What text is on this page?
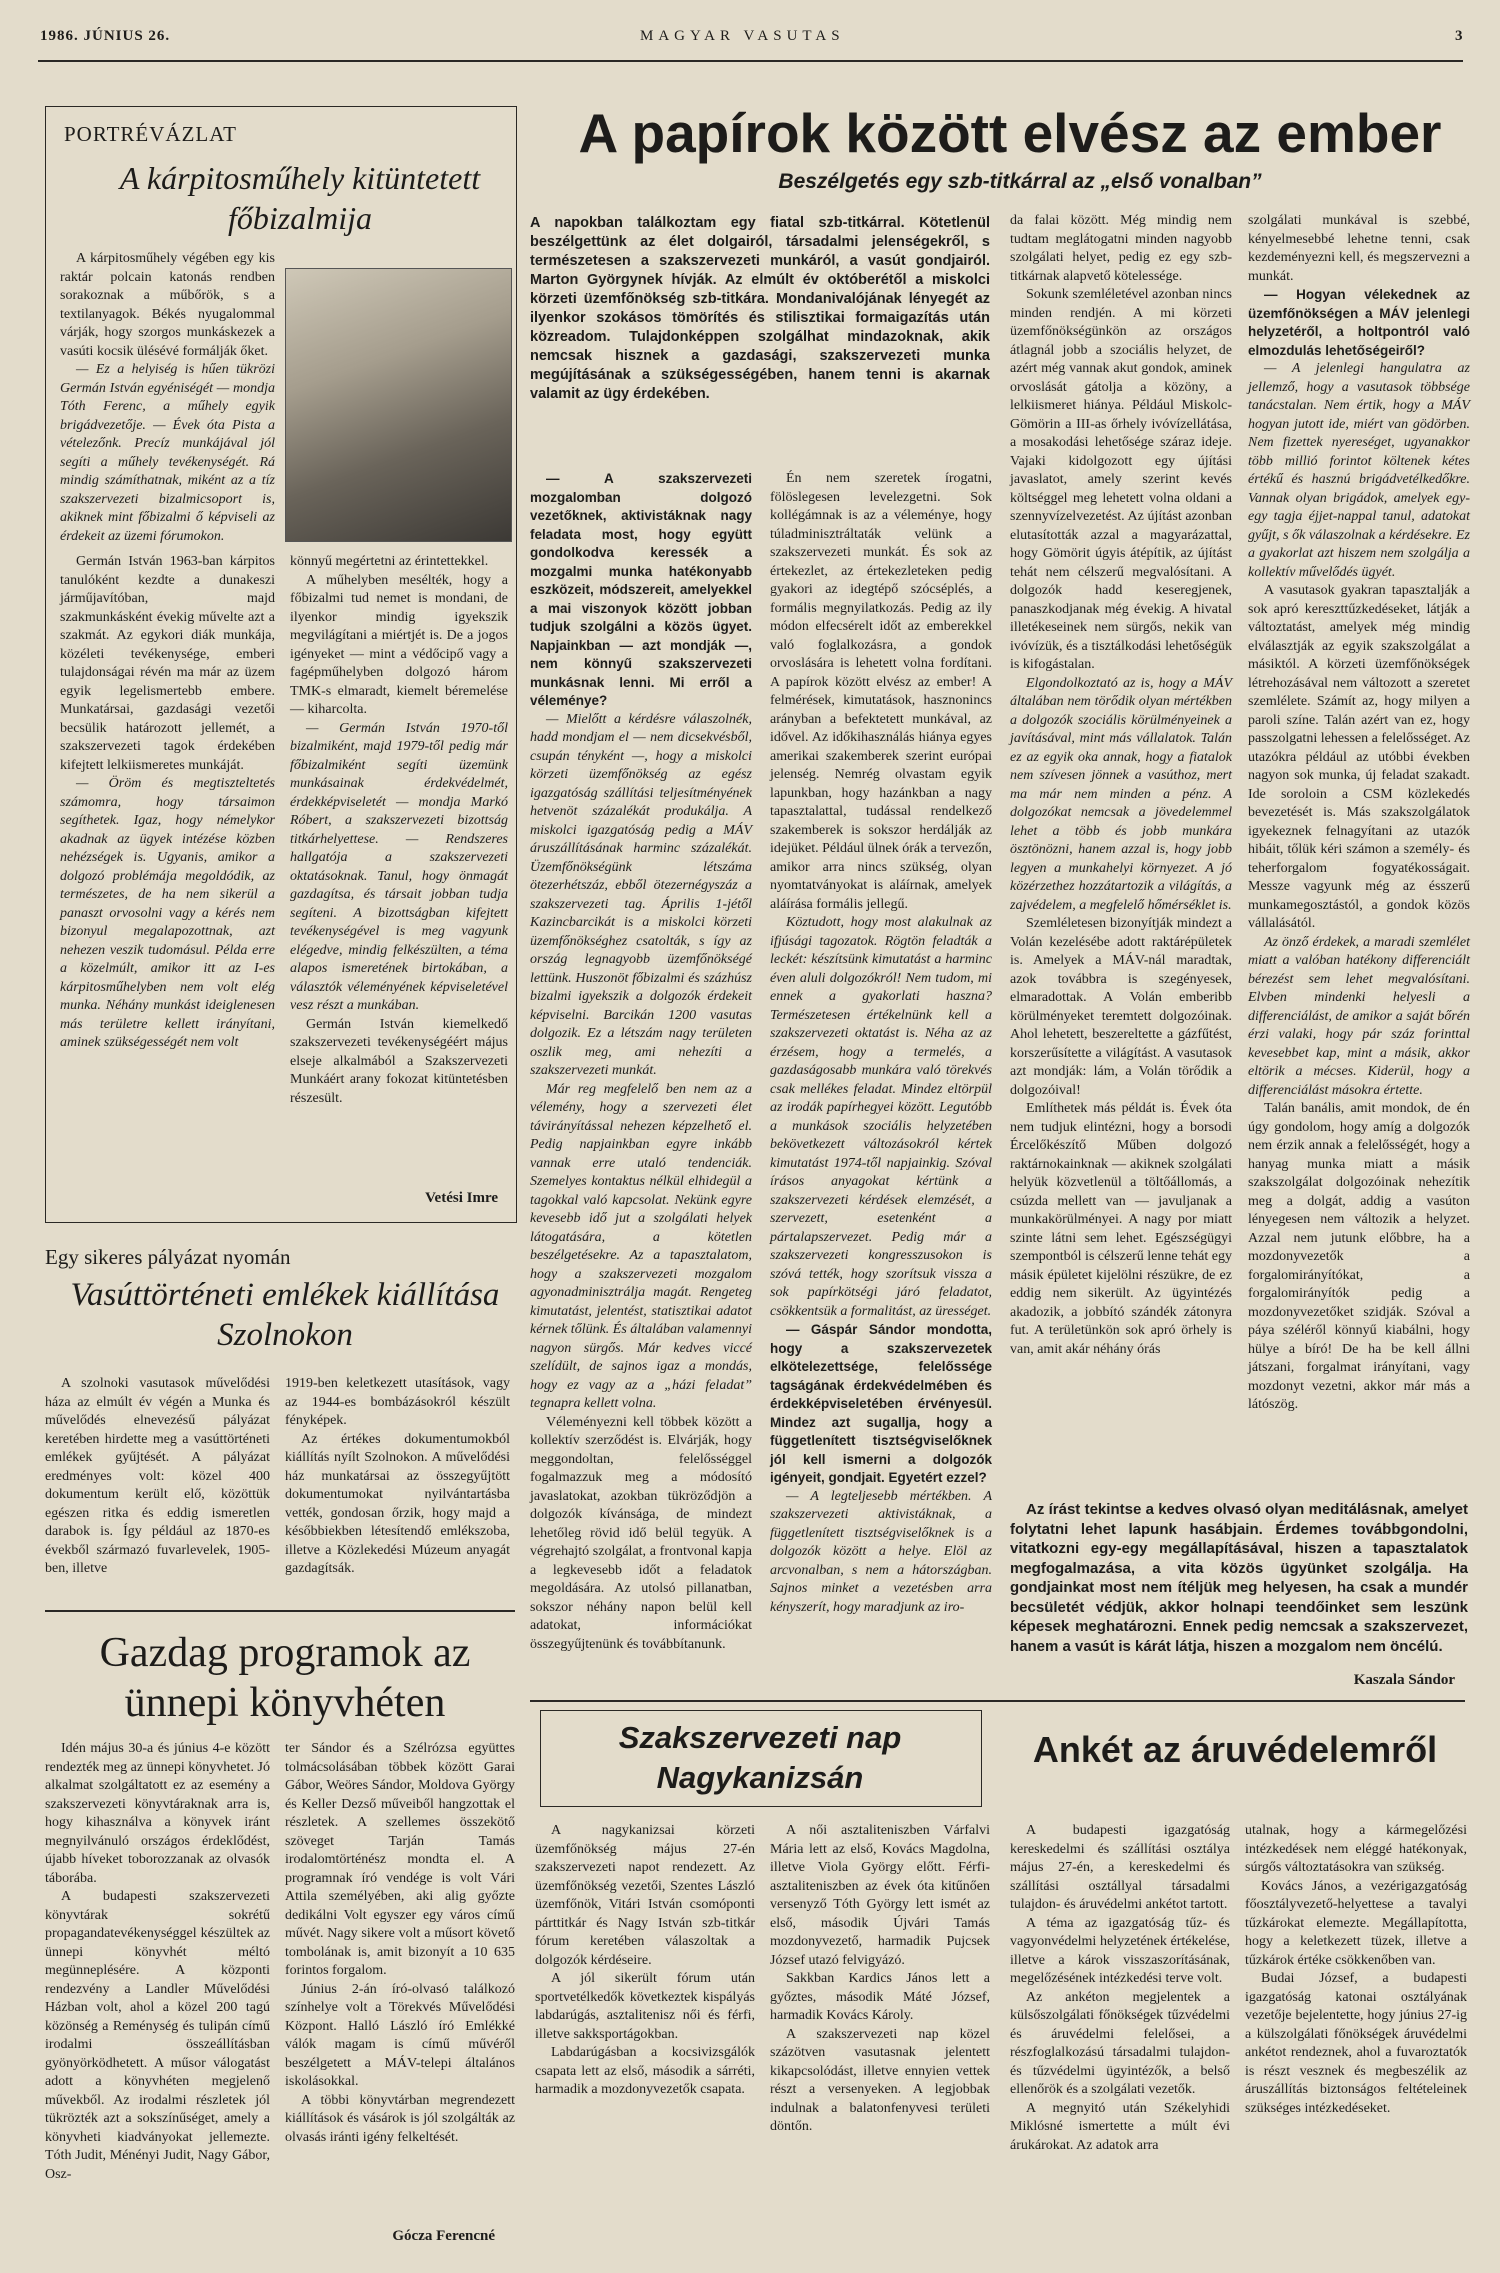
1986. JÚNIUS 26.	MAGYAR VASUTAS	3
PORTRÉVÁZLAT
A kárpitosműhely kitüntetett főbizalmija

A kárpitosműhely végében egy kis raktár polcain katonás rendben sorakoznak a műbőrök, s a textilanyagok. Békés nyugalommal várják, hogy szorgos munkáskezek a vasúti kocsik ülésévé formálják őket.

— Ez a helyiség is hűen tükrözi Germán István egyéniségét — mondja Tóth Ferenc, a műhely egyik brigádvezetője. — Évek óta Pista a vételezőnk. Precíz munkájával jól segíti a műhely tevékenységét. Rá mindig számíthatnak, miként az a tíz szakszervezeti bizalmicsoport is, akiknek mint főbizalmi ő képviseli az érdekeit az üzemi fórumokon.

Germán István 1963-ban kárpitos tanulóként kezdte a dunakeszi járműjavítóban, majd szakmunkásként évekig művelte azt a szakmát. Az egykori diák munkája, közéleti tevékenysége, emberi tulajdonságai révén ma már az üzem egyik legelismertebb embere. Munkatársai, gazdasági vezetői becsülik határozott jellemét, a szakszervezeti tagok érdekében kifejtett lelkiismeretes munkáját.

— Öröm és megtiszteltetés számomra, hogy társaimon segíthetek. Igaz, hogy némelykor akadnak az ügyek intézése közben nehézségek is. Ugyanis, amikor a dolgozó problémája megoldódik, az természetes, de ha nem sikerül a panaszt orvosolni vagy a kérés nem bizonyul megalapozottnak, azt nehezen veszik tudomásul. Példa erre a közelmúlt, amikor itt az I-es kárpitosműhelyben nem volt elég munka. Néhány munkást ideiglenesen más területre kellett irányítani, aminek szükségességét nem volt

könnyű megértetni az érintettekkel.

A műhelyben mesélték, hogy a főbizalmi tud nemet is mondani, de ilyenkor mindig igyekszik megvilágítani a miértjét is. De a jogos igényeket — mint a védőcipő vagy a fagépműhelyben dolgozó három TMK-s elmaradt, kiemelt béremelése — kiharcolta.

— Germán István 1970-től bizalmiként, majd 1979-től pedig már főbizalmiként segíti üzemünk munkásainak érdekvédelmét, érdekképviseletét — mondja Markó Róbert, a szakszervezeti bizottság titkárhelyettese. — Rendszeres hallgatója a szakszervezeti oktatásoknak. Tanul, hogy önmagát gazdagítsa, és társait jobban tudja segíteni. A bizottságban kifejtett tevékenységével is meg vagyunk elégedve, mindig felkészülten, a téma alapos ismeretének birtokában, a választók véleményének képviseletével vesz részt a munkában.

Germán István kiemelkedő szakszervezeti tevékenységéért május elseje alkalmából a Szakszervezeti Munkáért arany fokozat kitüntetésben részesült.

Vetési Imre
Egy sikeres pályázat nyomán
Vasúttörténeti emlékek kiállítása Szolnokon

A szolnoki vasutasok művelődési háza az elmúlt év végén a Munka és művelődés elnevezésű pályázat keretében hirdette meg a vasúttörténeti emlékek gyűjtését. A pályázat eredményes volt: közel 400 dokumentum került elő, közöttük egészen ritka és eddig ismeretlen darabok is. Így például az 1870-es évekből származó fuvarlevelek, 1905-ben, illetve

1919-ben keletkezett utasítások, vagy az 1944-es bombázásokról készült fényképek.

Az értékes dokumentumokból kiállítás nyílt Szolnokon. A művelődési ház munkatársai az összegyűjtött dokumentumokat nyilvántartásba vették, gondosan őrzik, hogy majd a későbbiekben létesítendő emlékszoba, illetve a Közlekedési Múzeum anyagát gazdagítsák.

Gazdag programok az ünnepi könyvhéten

Idén május 30-a és június 4-e között rendezték meg az ünnepi könyvhetet. Jó alkalmat szolgáltatott ez az esemény a szakszervezeti könyvtáraknak arra is, hogy kihasználva a könyvek iránt megnyilvánuló országos érdeklődést, újabb híveket toborozzanak az olvasók táborába.

A budapesti szakszervezeti könyvtárak sokrétű propagandatevékenységgel készültek az ünnepi könyvhét méltó megünneplésére. A központi rendezvény a Landler Művelődési Házban volt, ahol a közel 200 tagú közönség a Reménység és tulipán című irodalmi összeállításban gyönyörködhetett. A műsor válogatást adott a könyvhéten megjelenő művekből. Az irodalmi részletek jól tükrözték azt a sokszínűséget, amely a könyvheti kiadványokat jellemezte. Tóth Judit, Ménényi Judit, Nagy Gábor, Osz-

ter Sándor és a Szélrózsa együttes tolmácsolásában többek között Garai Gábor, Weöres Sándor, Moldova György és Keller Dezső műveiből hangzottak el részletek. A szellemes összekötő szöveget Tarján Tamás irodalomtörténész mondta el. A programnak író vendége is volt Vári Attila személyében, aki alig győzte dedikálni Volt egyszer egy város című művét. Nagy sikere volt a műsort követő tombolának is, amit bizonyít a 10 635 forintos forgalom.

Június 2-án író-olvasó találkozó színhelye volt a Törekvés Művelődési Központ. Halló László író Emlékké válók magam is című művéről beszélgetett a MÁV-telepi általános iskolásokkal.

A többi könyvtárban megrendezett kiállítások és vásárok is jól szolgálták az olvasás iránti igény felkeltését.

Gócza Ferencné
A papírok között elvész az ember
Beszélgetés egy szb-titkárral az „első vonalban”
A napokban találkoztam egy fiatal szb-titkárral. Kötetlenül beszélgettünk az élet dolgairól, társadalmi jelenségekről, s természetesen a szakszervezeti munkáról, a vasút gondjairól. Marton Györgynek hívják. Az elmúlt év októberétől a miskolci körzeti üzemfőnökség szb-titkára. Mondanivalójának lényegét az ilyenkor szokásos tömörítés és stilisztikai formaigazítás után közreadom. Tulajdonképpen szolgálhat mindazoknak, akik nemcsak hisznek a gazdasági, szakszervezeti munka megújításának a szükségességében, hanem tenni is akarnak valamit az ügy érdekében.

— A szakszervezeti mozgalomban dolgozó vezetőknek, aktivistáknak nagy feladata most, hogy együtt gondolkodva keressék a mozgalmi munka hatékonyabb eszközeit, módszereit, amelyekkel a mai viszonyok között jobban tudjuk szolgálni a közös ügyet. Napjainkban — azt mondják —, nem könnyű szakszervezeti munkásnak lenni. Mi erről a véleménye?

— Mielőtt a kérdésre válaszolnék, hadd mondjam el — nem dicsekvésből, csupán tényként —, hogy a miskolci körzeti üzemfőnökség az egész igazgatóság szállítási teljesítményének hetvenöt százalékát produkálja. A miskolci igazgatóság pedig a MÁV áruszállításának harminc százalékát. Üzemfőnökségünk létszáma ötezerhétszáz, ebből ötezernégyszáz a szakszervezeti tag. Április 1-jétől Kazincbarcikát is a miskolci körzeti üzemfőnökséghez csatolták, s így az ország legnagyobb üzemfőnökségé lettünk. Huszonöt főbizalmi és százhúsz bizalmi igyekszik a dolgozók érdekeit képviselni. Barcikán 1200 vasutas dolgozik. Ez a létszám nagy területen oszlik meg, ami nehezíti a szakszervezeti munkát.

Már reg megfelelő ben nem az a vélemény, hogy a szervezeti élet távirányítással nehezen képzelhető el. Pedig napjainkban egyre inkább vannak erre utaló tendenciák. Szemelyes kontaktus nélkül elhidegül a tagokkal való kapcsolat. Nekünk egyre kevesebb idő jut a szolgálati helyek látogatására, a kötetlen beszélgetésekre. Az a tapasztalatom, hogy a szakszervezeti mozgalom agyonadminisztrálja magát. Rengeteg kimutatást, jelentést, statisztikai adatot kérnek tőlünk. És általában valamennyi nagyon sürgős. Már kedves viccé szelídült, de sajnos igaz a mondás, hogy ez vagy az a „házi feladat” tegnapra kellett volna.

Véleményezni kell többek között a kollektív szerződést is. Elvárják, hogy meggondoltan, felelősséggel fogalmazzuk meg a módosító javaslatokat, azokban tükröződjön a dolgozók kívánsága, de mindezt lehetőleg rövid idő belül tegyük. A végrehajtó szolgálat, a frontvonal kapja a legkevesebb időt a feladatok megoldására. Az utolsó pillanatban, sokszor néhány napon belül kell adatokat, információkat összegyűjtenünk és továbbítanunk.

Én nem szeretek írogatni, fölöslegesen levelezgetni. Sok kollégámnak is az a véleménye, hogy túladminisztráltaták velünk a szakszervezeti munkát. És sok az értekezlet, az értekezleteken pedig gyakori az idegtépő szócséplés, a formális megnyilatkozás. Pedig az ily módon elfecsérelt időt az emberekkel való foglalkozásra, a gondok orvoslására is lehetett volna fordítani. A papírok között elvész az ember! A felmérések, kimutatások, hasznonincs arányban a befektetett munkával, az idővel. Az időkihasználás hiánya egyes amerikai szakemberek szerint európai jelenség. Nemrég olvastam egyik lapunkban, hogy hazánkban a nagy tapasztalattal, tudással rendelkező szakemberek is sokszor herdálják az idejüket. Például ülnek órák a tervezőn, amikor arra nincs szükség, olyan nyomtatványokat is aláírnak, amelyek aláírása formális jellegű.

Köztudott, hogy most alakulnak az ifjúsági tagozatok. Rögtön feladták a leckét: készítsünk kimutatást a harminc éven aluli dolgozókról! Nem tudom, mi ennek a gyakorlati haszna? Természetesen értékelnünk kell a szakszervezeti oktatást is. Néha az az érzésem, hogy a termelés, a gazdaságosabb munkára való törekvés csak mellékes feladat. Mindez eltörpül az irodák papírhegyei között. Legutóbb a munkások szociális helyzetében bekövetkezett változásokról kértek kimutatást 1974-től napjainkig. Szóval írásos anyagokat kértünk a szakszervezeti kérdések elemzését, a szervezett, esetenként a pártalapszervezet. Pedig már a szakszervezeti kongresszusokon is szóvá tették, hogy szorítsuk vissza a sok papírkötségi járó feladatot, csökkentsük a formalitást, az ürességet.

— Gáspár Sándor mondotta, hogy a szakszervezetek elkötelezettsége, felelőssége tagságának érdekvédelmében és érdekképviseletében érvényesül. Mindez azt sugallja, hogy a függetlenített tisztségviselőknek jól kell ismerni a dolgozók igényeit, gondjait. Egyetért ezzel?

— A legteljesebb mértékben. A szakszervezeti aktivistáknak, a függetlenített tisztségviselőknek is a dolgozók között a helye. Elöl az arcvonalban, s nem a hátországban. Sajnos minket a vezetésben arra kényszerít, hogy maradjunk az iro-

da falai között. Még mindig nem tudtam meglátogatni minden nagyobb szolgálati helyet, pedig ez egy szb-titkárnak alapvető kötelessége.

Sokunk szemléletével azonban nincs minden rendjén. A mi körzeti üzemfőnökségünkön az országos átlagnál jobb a szociális helyzet, de azért még vannak akut gondok, aminek orvoslását gátolja a közöny, a lelkiismeret hiánya. Például Miskolc-Gömörin a III-as őrhely ivóvízellátása, a mosakodási lehetősége száraz ideje. Vajaki kidolgozott egy újítási javaslatot, amely szerint kevés költséggel meg lehetett volna oldani a szennyvízelvezetést. Az újítást azonban elutasították azzal a magyarázattal, hogy Gömörit úgyis átépítik, az újítást tehát nem célszerű megvalósítani. A dolgozók hadd keseregjenek, panaszkodjanak még évekig. A hivatal illetékeseinek nem sürgős, nekik van ivóvízük, és a tisztálkodási lehetőségük is kifogástalan.

Elgondolkoztató az is, hogy a MÁV általában nem törődik olyan mértékben a dolgozók szociális körülményeinek a javításával, mint más vállalatok. Talán ez az egyik oka annak, hogy a fiatalok nem szívesen jönnek a vasúthoz, mert ma már nem minden a pénz. A dolgozókat nemcsak a jövedelemmel lehet a több és jobb munkára ösztönözni, hanem azzal is, hogy jobb legyen a munkahelyi környezet. A jó közérzethez hozzátartozik a világítás, a zajvédelem, a megfelelő hőmérséklet is.

Szemléletesen bizonyítják mindezt a Volán kezelésébe adott raktárépületek is. Amelyek a MÁV-nál maradtak, azok továbbra is szegényesek, elmaradottak. A Volán emberibb körülményeket teremtett dolgozóinak. Ahol lehetett, beszereltette a gázfűtést, korszerűsítette a világítást. A vasutasok azt mondják: lám, a Volán törődik a dolgozóival!

Említhetek más példát is. Évek óta nem tudjuk elintézni, hogy a borsodi Ércelőkészítő Műben dolgozó raktárnokainknak — akiknek szolgálati helyük közvetlenül a töltőállomás, a csúzda mellett van — javuljanak a munkakörülményei. A nagy por miatt szinte látni sem lehet. Egészségügyi szempontból is célszerű lenne tehát egy másik épületet kijelölni részükre, de ez eddig nem sikerült. Az ügyintézés akadozik, a jobbító szándék zátonyra fut. A területünkön sok apró örhely is van, amit akár néhány órás

szolgálati munkával is szebbé, kényelmesebbé lehetne tenni, csak kezdeményezni kell, és megszervezni a munkát.

— Hogyan vélekednek az üzemfőnökségen a MÁV jelenlegi helyzetéről, a holtpontról való elmozdulás lehetőségeiről?

— A jelenlegi hangulatra az jellemző, hogy a vasutasok többsége tanácstalan. Nem értik, hogy a MÁV hogyan jutott ide, miért van gödörben. Nem fizettek nyereséget, ugyanakkor több millió forintot költenek kétes értékű és hasznú brigádvetélkedőkre. Vannak olyan brigádok, amelyek egy-egy tagja éjjet-nappal tanul, adatokat gyűjt, s ők válaszolnak a kérdésekre. Ez a gyakorlat azt hiszem nem szolgálja a kollektív művelődés ügyét.

A vasutasok gyakran tapasztalják a sok apró kereszttűzkedéseket, látják a változtatást, amelyek még mindig elválasztják az egyik szakszolgálat a másiktól. A körzeti üzemfőnökségek létrehozásával nem változott a szeretet szemlélete. Számít az, hogy milyen a paroli színe. Talán azért van ez, hogy passzolgatni lehessen a felelősséget. Az utazókra például az utóbbi években nagyon sok munka, új feladat szakadt. Ide soroloin a CSM közlekedés bevezetését is. Más szakszolgálatok igyekeznek felnagyítani az utazók hibáit, tőlük kéri számon a személy- és teherforgalom fogyatékosságait. Messze vagyunk még az ésszerű munkamegosztástól, a gondok közös vállalásától.

Az önző érdekek, a maradi szemlélet miatt a valóban hatékony differenciált bérezést sem lehet megvalósítani. Elvben mindenki helyesli a differenciálást, de amikor a saját bőrén érzi valaki, hogy pár száz forinttal kevesebbet kap, mint a másik, akkor eltörik a mécses. Kiderül, hogy a differenciálást másokra értette.

Talán banális, amit mondok, de én úgy gondolom, hogy amíg a dolgozók nem érzik annak a felelősségét, hogy a hanyag munka miatt a másik szakszolgálat dolgozóinak nehezítik meg a dolgát, addig a vasúton lényegesen nem változik a helyzet. Azzal nem jutunk előbbre, ha a mozdonyvezetők a forgalomirányítókat, a forgalomirányítók pedig a mozdonyvezetőket szidják. Szóval a páya széléről könnyű kiabálni, hogy hülye a bíró! De ha be kell állni játszani, forgalmat irányítani, vagy mozdonyt vezetni, akkor már más a látószög.

Az írást tekintse a kedves olvasó olyan meditálásnak, amelyet folytatni lehet lapunk hasábjain. Érdemes továbbgondolni, vitatkozni egy-egy megállapításával, hiszen a tapasztalatok megfogalmazása, a vita közös ügyünket szolgálja. Ha gondjainkat most nem ítéljük meg helyesen, ha csak a mundér becsületét védjük, akkor holnapi teendőinket sem leszünk képesek meghatározni. Ennek pedig nemcsak a szakszervezet, hanem a vasút is kárát látja, hiszen a mozgalom nem öncélú.
Kaszala Sándor
Szakszervezeti nap Nagykanizsán

A nagykanizsai körzeti üzemfőnökség május 27-én szakszervezeti napot rendezett. Az üzemfőnökség vezetői, Szentes László üzemfőnök, Vitári István csomóponti párttitkár és Nagy István szb-titkár fórum keretében válaszoltak a dolgozók kérdéseire.

A jól sikerült fórum után sportvetélkedők következtek kispályás labdarúgás, asztalitenisz női és férfi, illetve sakksportágokban.

Labdarúgásban a kocsivizsgálók csapata lett az első, második a sárréti, harmadik a mozdonyvezetők csapata.

A női asztaliteniszben Várfalvi Mária lett az első, Kovács Magdolna, illetve Viola György előtt. Férfi-asztaliteniszben az évek óta kitűnően versenyző Tóth György lett ismét az első, második Újvári Tamás mozdonyvezető, harmadik Pujcsek József utazó felvigyázó.

Sakkban Kardics János lett a győztes, második Máté József, harmadik Kovács Károly.

A szakszervezeti nap közel százötven vasutasnak jelentett kikapcsolódást, illetve ennyien vettek részt a versenyeken. A legjobbak indulnak a balatonfenyvesi területi döntőn.

Ankét az áruvédelemről

A budapesti igazgatóság kereskedelmi és szállítási osztálya május 27-én, a kereskedelmi és szállítási osztállyal társadalmi tulajdon- és áruvédelmi ankétot tartott.

A téma az igazgatóság tűz- és vagyonvédelmi helyzetének értékelése, illetve a károk visszaszorításának, megelőzésének intézkedési terve volt.

Az ankéton megjelentek a külsőszolgálati főnökségek tűzvédelmi és áruvédelmi felelősei, a részfoglalkozású társadalmi tulajdon- és tűzvédelmi ügyintézők, a belső ellenőrök és a szolgálati vezetők.

A megnyitó után Székelyhidi Miklósné ismertette a múlt évi árukárokat. Az adatok arra

utalnak, hogy a kármegelőzési intézkedések nem eléggé hatékonyak, súrgős változtatásokra van szükség.

Kovács János, a vezérigazgatóság főosztályvezető-helyettese a tavalyi tűzkárokat elemezte. Megállapította, hogy a keletkezett tüzek, illetve a tűzkárok értéke csökkenőben van.

Budai József, a budapesti igazgatóság katonai osztályának vezetője bejelentette, hogy június 27-ig a külszolgálati főnökségek áruvédelmi ankétot rendeznek, ahol a fuvaroztatók is részt vesznek és megbeszélik az áruszállítás biztonságos feltételeinek szükséges intézkedéseket.
